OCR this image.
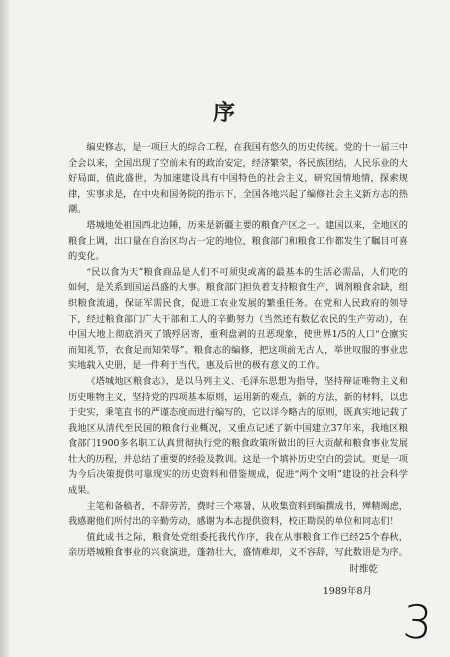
序

编史修志，是一项巨大的综合工程，在我国有悠久的历史传统。党的十一届三中全会以来，全国出现了空前未有的政治安定，经济繁荣，各民族团结，人民乐业的大好局面，值此盛世，为加速建设具有中国特色的社会主义，研究国情地情，探索规律，实事求是，在中央和国务院的指示下，全国各地兴起了编修社会主义新方志的热潮。

塔城地处祖国西北边陲，历来是新疆主要的粮食产区之一。建国以来，全地区的粮食上调，出口量在自治区均占一定的地位，粮食部门和粮食工作都发生了瞩目可喜的变化。

“民以食为天”粮食商品是人们不可须臾或离的最基本的生活必需品，人们吃的如何，是关系到国运昌盛的大事。粮食部门担负着支持粮食生产，调剂粮食余缺，组织粮食流通，保证军需民食，促进工农业发展的繁重任务。在党和人民政府的领导下，经过粮食部门广大干部和工人的辛勤努力（当然还有数亿农民的生产劳动），在中国大地上彻底消灭了饿殍居寄，重利盘剥的丑恶现象，使世界1/5的人口“仓廪实而知礼节，衣食足而知荣辱”。粮食志的编修，把这项前无古人，举世叹服的事业忠实地载入史册，是一件利于当代，惠及后世的极有意义的工作。

《塔城地区粮食志》，是以马列主义、毛泽东思想为指导，坚持辩证唯物主义和历史唯物主义，坚持党的四项基本原则，运用新的观点，新的方法，新的材料，以忠于史实，秉笔直书的严谨态度而进行编写的，它以详今略古的原则，既真实地记载了我地区从清代至民国的粮食行业概况，又重点记述了新中国建立37年来，我地区粮食部门1900多名职工认真贯彻执行党的粮食政策所做出的巨大贡献和粮食事业发展壮大的历程，并总结了重要的经验及教训。这是一个填补历史空白的尝试。更是一项为今后决策提供可靠现实的历史资料和借鉴规成，促进“两个文明”建设的社会科学成果。

主笔和备稿者，不辞劳苦，费时三个寒暑，从收集资料到编撰成书，殚精竭虑，我感谢他们所付出的辛勤劳动，感谢为本志提供资料，校正勘误的单位和同志们！

值此成书之际，粮食处党组委托我代作序，我在从事粮食工作已经25个春秋，亲历塔城粮食事业的兴衰演进，蓬勃壮大，盛情难却，义不容辞，写此数语是为序。

时维乾
1989年8月
3
